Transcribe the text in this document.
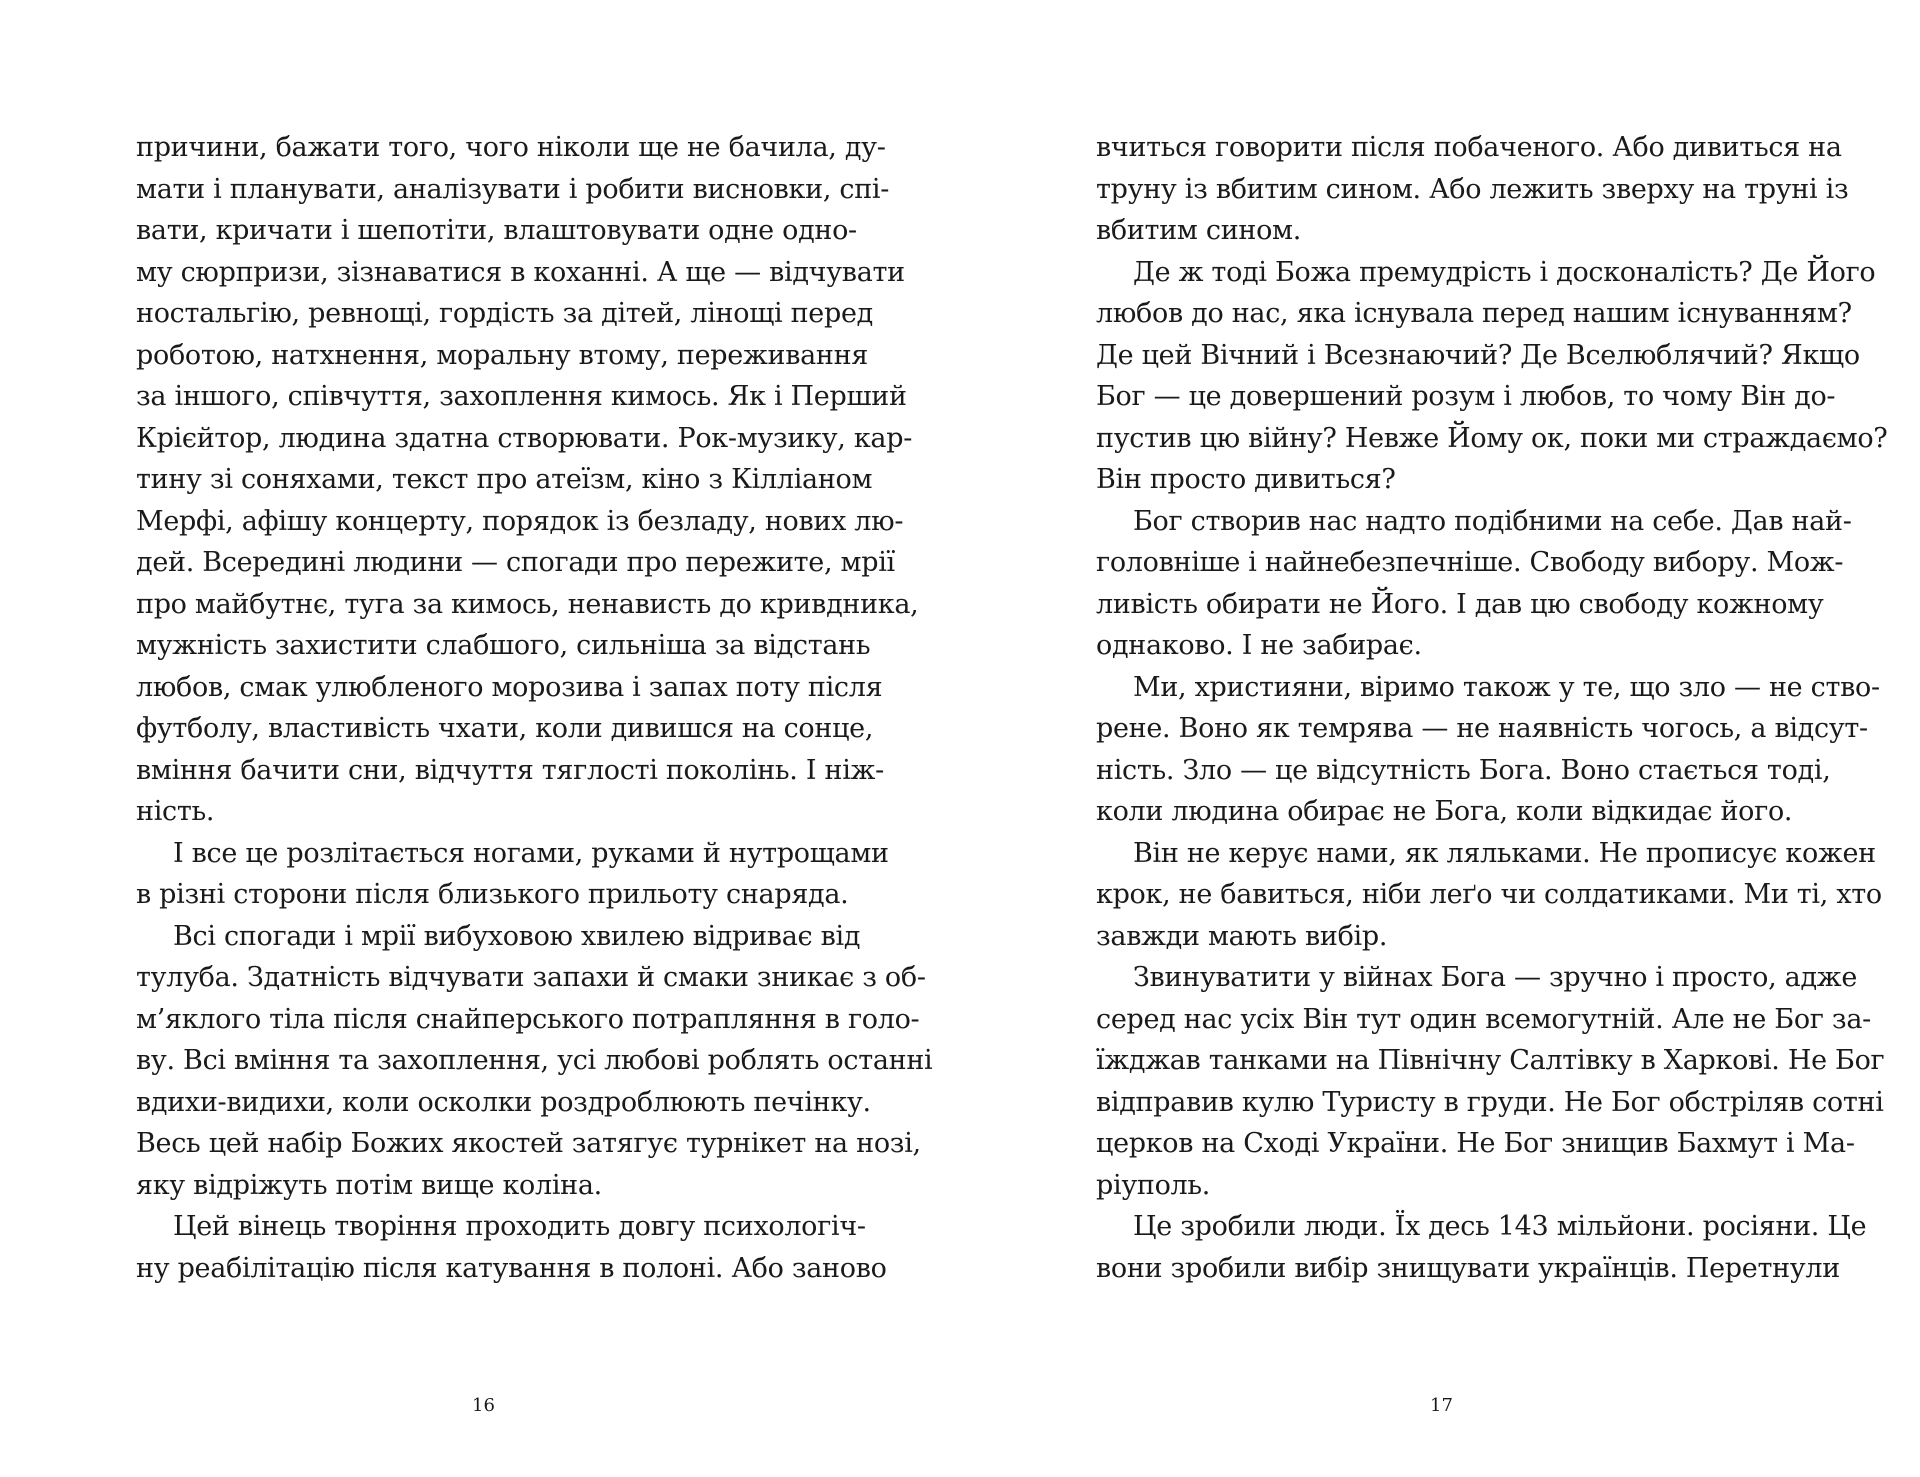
причини, бажати того, чого ніколи ще не бачила, ду-
мати і планувати, аналізувати і робити висновки, спі-
вати, кричати і шепотіти, влаштовувати одне одно-
му сюрпризи, зізнаватися в коханні. А ще — відчувати
ностальгію, ревнощі, гордість за дітей, лінощі перед
роботою, натхнення, моральну втому, переживання
за іншого, співчуття, захоплення кимось. Як і Перший
Крієйтор, людина здатна створювати. Рок-музику, кар-
тину зі соняхами, текст про атеїзм, кіно з Кілліаном
Мерфі, афішу концерту, порядок із безладу, нових лю-
дей. Всередині людини — спогади про пережите, мрії
про майбутнє, туга за кимось, ненависть до кривдника,
мужність захистити слабшого, сильніша за відстань
любов, смак улюбленого морозива і запах поту після
футболу, властивість чхати, коли дивишся на сонце,
вміння бачити сни, відчуття тяглості поколінь. І ніж-
ність.
І все це розлітається ногами, руками й нутрощами
в різні сторони після близького прильоту снаряда.
Всі спогади і мрії вибуховою хвилею відриває від
тулуба. Здатність відчувати запахи й смаки зникає з об-
м’яклого тіла після снайперського потрапляння в голо-
ву. Всі вміння та захоплення, усі любові роблять останні
вдихи-видихи, коли осколки роздроблюють печінку.
Весь цей набір Божих якостей затягує турнікет на нозі,
яку відріжуть потім вище коліна.
Цей вінець творіння проходить довгу психологіч-
ну реабілітацію після катування в полоні. Або заново
16
вчиться говорити після побаченого. Або дивиться на
труну із вбитим сином. Або лежить зверху на труні із
вбитим сином.
Де ж тоді Божа премудрість і досконалість? Де Його
любов до нас, яка існувала перед нашим існуванням?
Де цей Вічний і Всезнаючий? Де Вселюблячий? Якщо
Бог — це довершений розум і любов, то чому Він до-
пустив цю війну? Невже Йому ок, поки ми страждаємо?
Він просто дивиться?
Бог створив нас надто подібними на себе. Дав най-
головніше і найнебезпечніше. Свободу вибору. Мож-
ливість обирати не Його. І дав цю свободу кожному
однаково. І не забирає.
Ми, християни, віримо також у те, що зло — не ство-
рене. Воно як темрява — не наявність чогось, а відсут-
ність. Зло — це відсутність Бога. Воно стається тоді,
коли людина обирає не Бога, коли відкидає його.
Він не керує нами, як ляльками. Не прописує кожен
крок, не бавиться, ніби леґо чи солдатиками. Ми ті, хто
завжди мають вибір.
Звинуватити у війнах Бога — зручно і просто, адже
серед нас усіх Він тут один всемогутній. Але не Бог за-
їжджав танками на Північну Салтівку в Харкові. Не Бог
відправив кулю Туристу в груди. Не Бог обстріляв сотні
церков на Сході України. Не Бог знищив Бахмут і Ма-
ріуполь.
Це зробили люди. Їх десь 143 мільйони. росіяни. Це
вони зробили вибір знищувати українців. Перетнули
17
